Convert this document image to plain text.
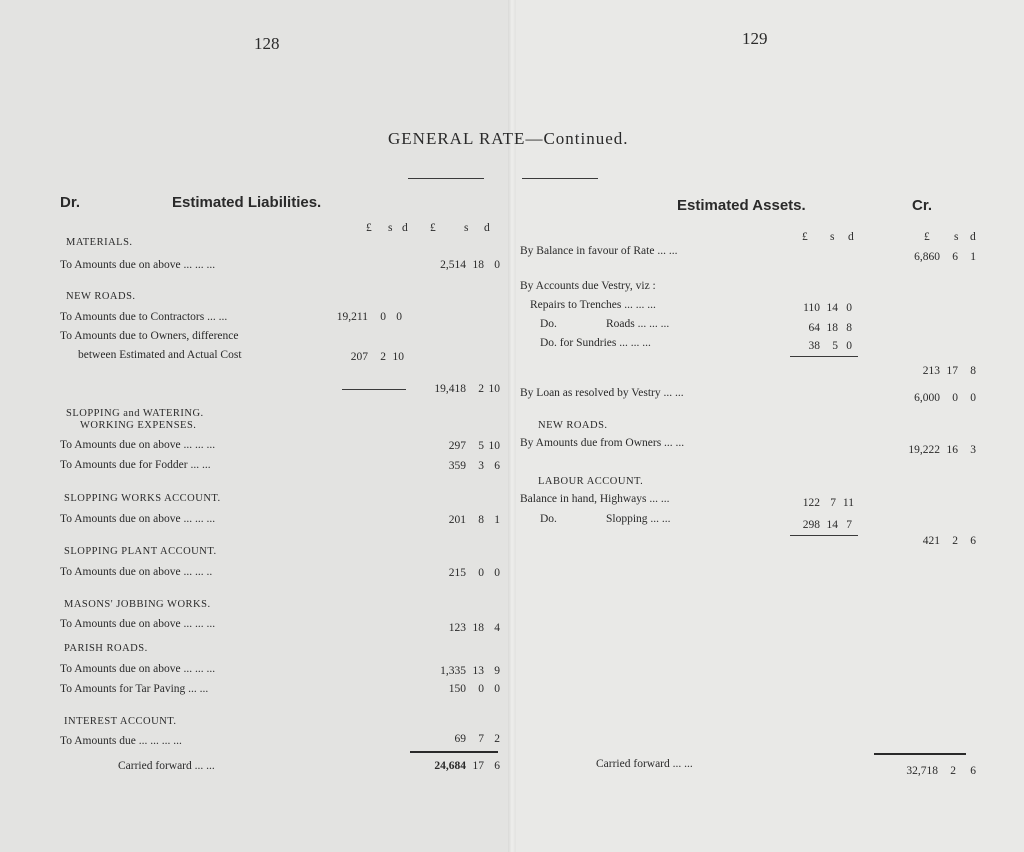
128	129
GENERAL RATE—Continued.
Dr.	Estimated Liabilities.	Estimated Assets.	Cr.
£ s d £ s d
£ s d	£ s d
MATERIALS.
To Amounts due on above ... ... ...	2,514 18 0
NEW ROADS.
To Amounts due to Contractors ... ...	19,211	0 0
To Amounts due to Owners, difference
between Estimated and Actual Cost	207	2 10
19,418	2 10
SLOPPING and WATERING.
WORKING EXPENSES.
To Amounts due on above ... ... ...	297	5 10
To Amounts due for Fodder ... ...	359	3 6
SLOPPING WORKS ACCOUNT.
To Amounts due on above ... ... ...	201	8 1
SLOPPING PLANT ACCOUNT.
To Amounts due on above ... ... ..	215	0 0
MASONS' JOBBING WORKS.
To Amounts due on above ... ... ...	123 18 4
PARISH ROADS.
To Amounts due on above ... ... ...	1,335 13 9
To Amounts for Tar Paving ... ...	150	0 0
INTEREST ACCOUNT.
To Amounts due ... ... ... ...	69	7 2
Carried forward ... ...	24,684 17 6
By Balance in favour of Rate ... ...	6,860	6	1
By Accounts due Vestry, viz :
Repairs to Trenches ... ... ...	110 14 0
Do.	Roads ... ... ...	64 18 8
Do. for Sundries ... ... ...	38	5 0
213 17	8
By Loan as resolved by Vestry ... ...	6,000	0	0
NEW ROADS.
By Amounts due from Owners ... ...
19,222 16	3
LABOUR ACCOUNT.
Balance in hand, Highways ... ...	122 7 11
Do.	Slopping ... ...	298 14 7
421	2	6
Carried forward ... ...
32,718	2	6
